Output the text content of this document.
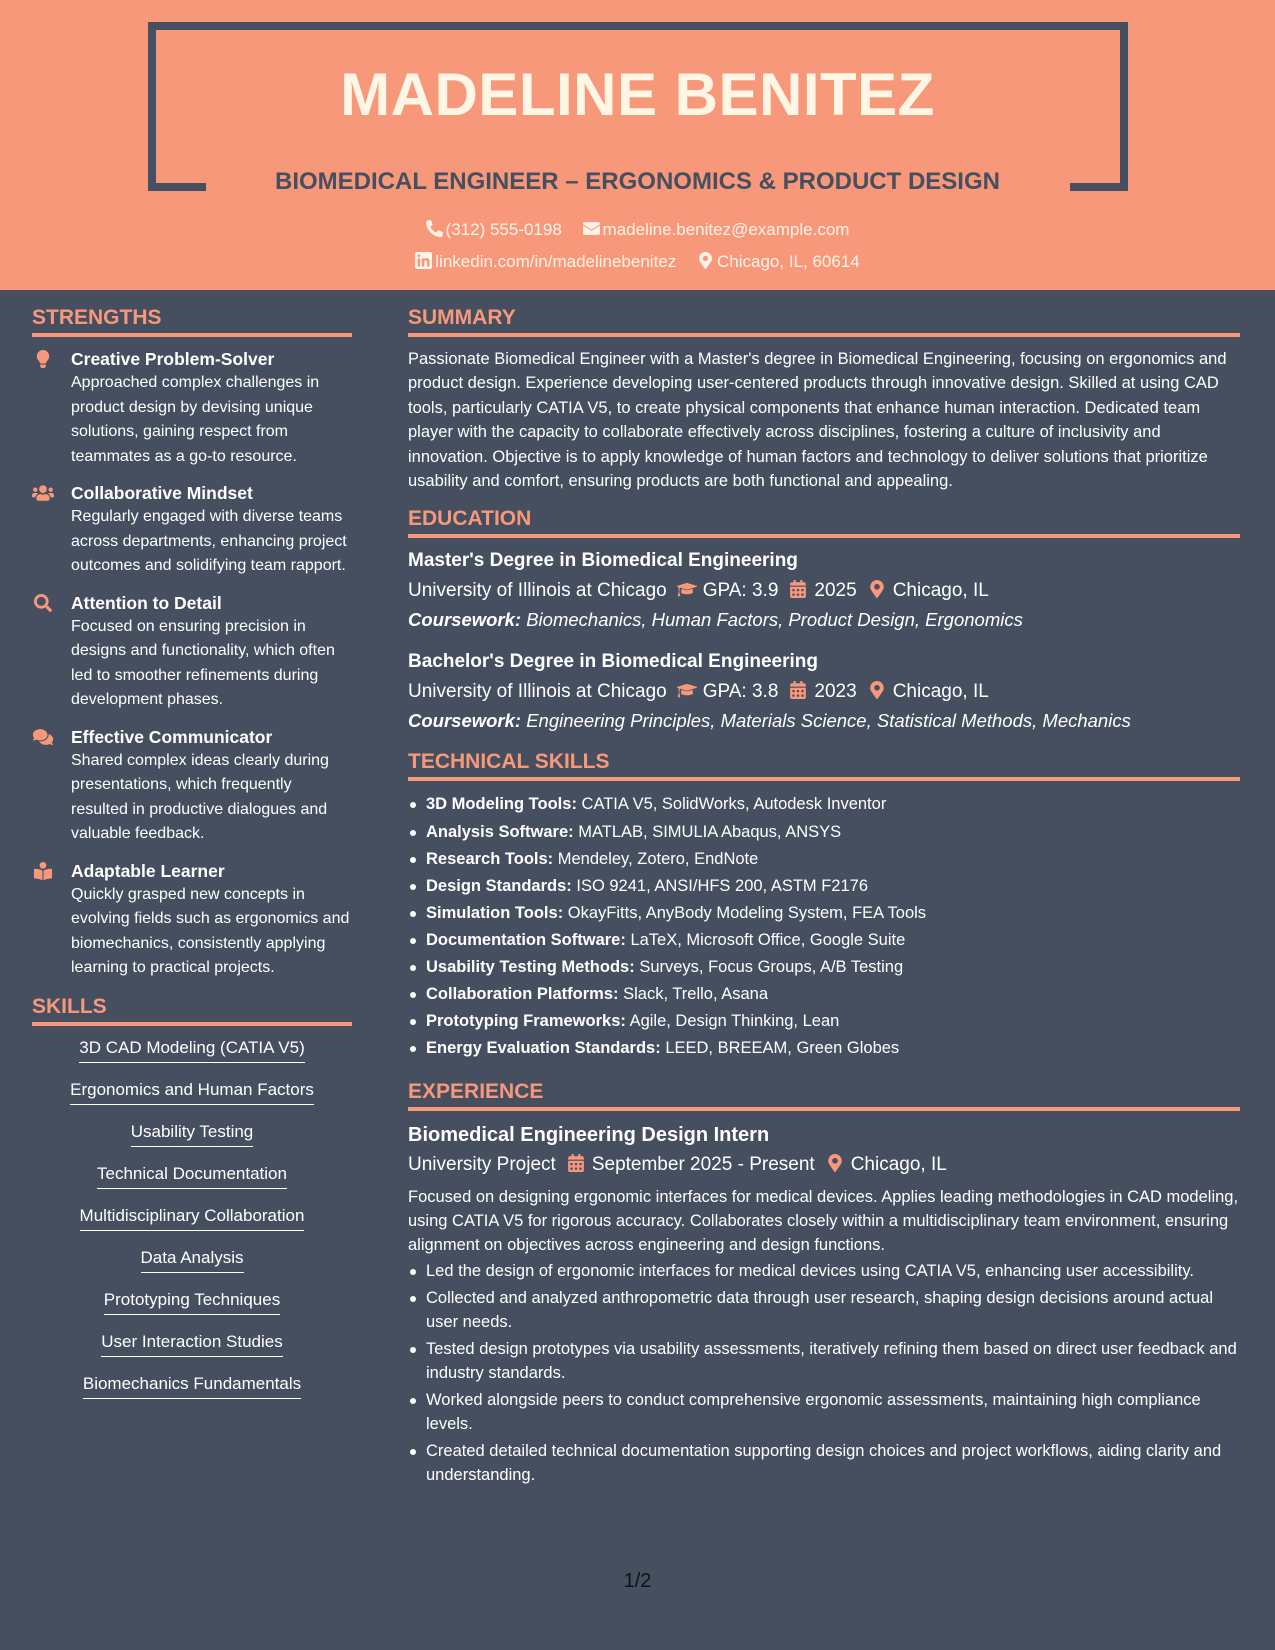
MADELINE BENITEZ
BIOMEDICAL ENGINEER – ERGONOMICS & PRODUCT DESIGN
(312) 555-0198 madeline.benitez@example.com
linkedin.com/in/madelinebenitez Chicago, IL, 60614
STRENGTHS
Creative Problem-Solver
Approached complex challenges in product design by devising unique solutions, gaining respect from teammates as a go-to resource.
Collaborative Mindset
Regularly engaged with diverse teams across departments, enhancing project outcomes and solidifying team rapport.
Attention to Detail
Focused on ensuring precision in designs and functionality, which often led to smoother refinements during development phases.
Effective Communicator
Shared complex ideas clearly during presentations, which frequently resulted in productive dialogues and valuable feedback.
Adaptable Learner
Quickly grasped new concepts in evolving fields such as ergonomics and biomechanics, consistently applying learning to practical projects.
SKILLS
3D CAD Modeling (CATIA V5)
Ergonomics and Human Factors
Usability Testing
Technical Documentation
Multidisciplinary Collaboration
Data Analysis
Prototyping Techniques
User Interaction Studies
Biomechanics Fundamentals
SUMMARY
Passionate Biomedical Engineer with a Master's degree in Biomedical Engineering, focusing on ergonomics and product design. Experience developing user-centered products through innovative design. Skilled at using CAD tools, particularly CATIA V5, to create physical components that enhance human interaction. Dedicated team player with the capacity to collaborate effectively across disciplines, fostering a culture of inclusivity and innovation. Objective is to apply knowledge of human factors and technology to deliver solutions that prioritize usability and comfort, ensuring products are both functional and appealing.
EDUCATION
Master's Degree in Biomedical Engineering
University of Illinois at Chicago GPA: 3.9 2025 Chicago, IL
Coursework: Biomechanics, Human Factors, Product Design, Ergonomics
Bachelor's Degree in Biomedical Engineering
University of Illinois at Chicago GPA: 3.8 2023 Chicago, IL
Coursework: Engineering Principles, Materials Science, Statistical Methods, Mechanics
TECHNICAL SKILLS
3D Modeling Tools: CATIA V5, SolidWorks, Autodesk Inventor
Analysis Software: MATLAB, SIMULIA Abaqus, ANSYS
Research Tools: Mendeley, Zotero, EndNote
Design Standards: ISO 9241, ANSI/HFS 200, ASTM F2176
Simulation Tools: OkayFitts, AnyBody Modeling System, FEA Tools
Documentation Software: LaTeX, Microsoft Office, Google Suite
Usability Testing Methods: Surveys, Focus Groups, A/B Testing
Collaboration Platforms: Slack, Trello, Asana
Prototyping Frameworks: Agile, Design Thinking, Lean
Energy Evaluation Standards: LEED, BREEAM, Green Globes
EXPERIENCE
Biomedical Engineering Design Intern
University Project September 2025 - Present Chicago, IL
Focused on designing ergonomic interfaces for medical devices. Applies leading methodologies in CAD modeling, using CATIA V5 for rigorous accuracy. Collaborates closely within a multidisciplinary team environment, ensuring alignment on objectives across engineering and design functions.
Led the design of ergonomic interfaces for medical devices using CATIA V5, enhancing user accessibility.
Collected and analyzed anthropometric data through user research, shaping design decisions around actual user needs.
Tested design prototypes via usability assessments, iteratively refining them based on direct user feedback and industry standards.
Worked alongside peers to conduct comprehensive ergonomic assessments, maintaining high compliance levels.
Created detailed technical documentation supporting design choices and project workflows, aiding clarity and understanding.
1/2
